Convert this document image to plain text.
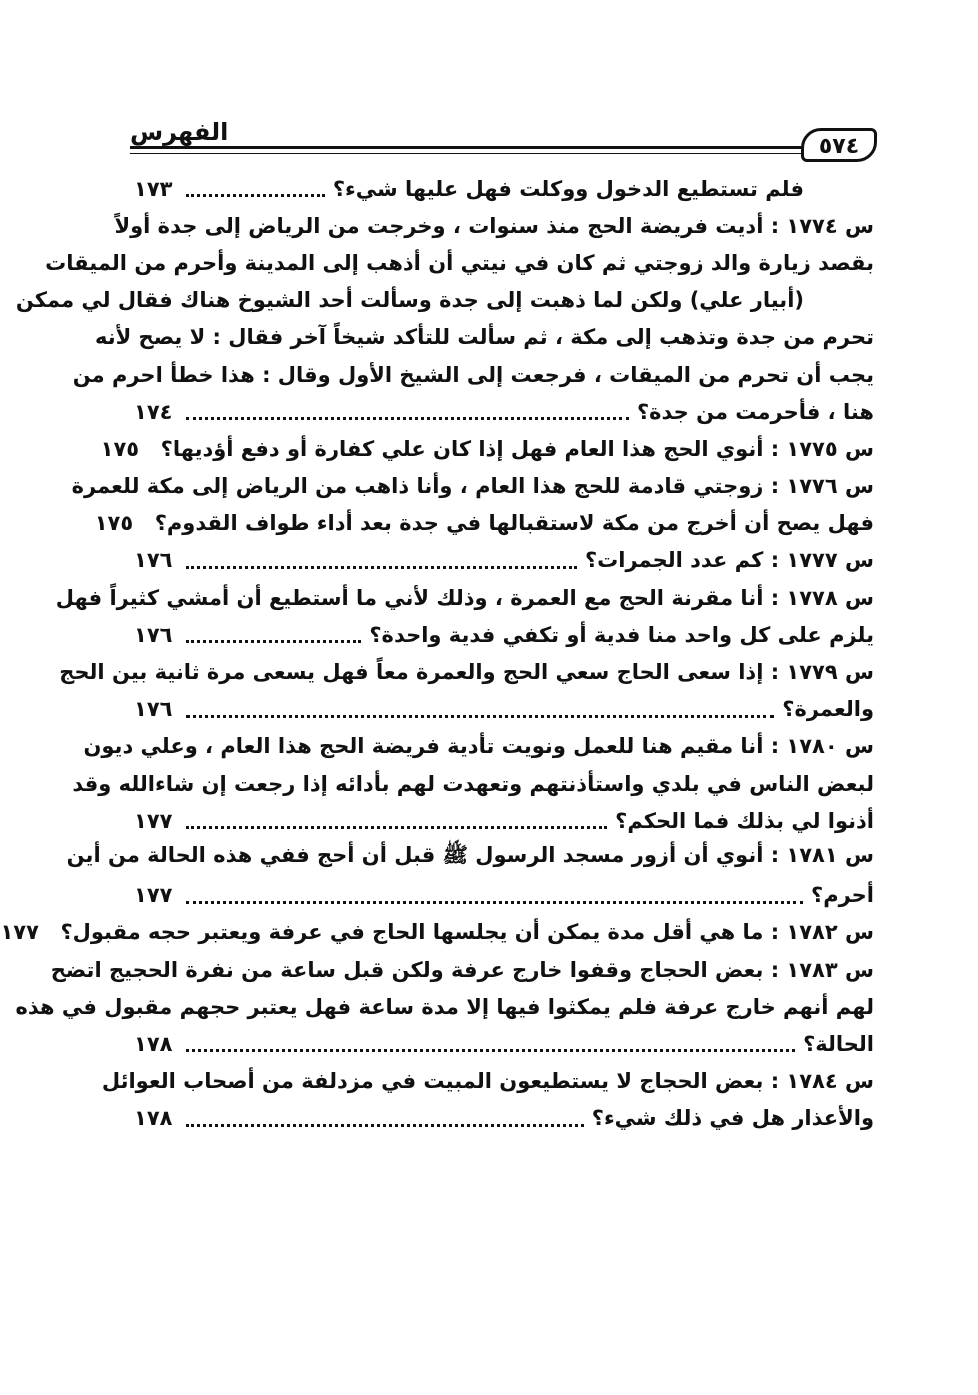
الفهرس
٥٧٤
فلم تستطيع الدخول ووكلت فهل عليها شيء؟
١٧٣
س ١٧٧٤ : أديت فريضة الحج منذ سنوات ، وخرجت من الرياض إلى جدة أولاً
بقصد زيارة والد زوجتي ثم كان في نيتي أن أذهب إلى المدينة وأحرم من الميقات
(أبيار علي) ولكن لما ذهبت إلى جدة وسألت أحد الشيوخ هناك فقال لي ممكن
تحرم من جدة وتذهب إلى مكة ، ثم سألت للتأكد شيخاً آخر فقال : لا يصح لأنه
يجب أن تحرم من الميقات ، فرجعت إلى الشيخ الأول وقال : هذا خطأ احرم من
هنا ، فأحرمت من جدة؟
١٧٤
س ١٧٧٥ : أنوي الحج هذا العام فهل إذا كان علي كفارة أو دفع أؤديها؟
١٧٥
س ١٧٧٦ : زوجتي قادمة للحج هذا العام ، وأنا ذاهب من الرياض إلى مكة للعمرة
فهل يصح أن أخرج من مكة لاستقبالها في جدة بعد أداء طواف القدوم؟
١٧٥
س ١٧٧٧ : كم عدد الجمرات؟
١٧٦
س ١٧٧٨ : أنا مقرنة الحج مع العمرة ، وذلك لأني ما أستطيع أن أمشي كثيراً فهل
يلزم على كل واحد منا فدية أو تكفي فدية واحدة؟
١٧٦
س ١٧٧٩ : إذا سعى الحاج سعي الحج والعمرة معاً فهل يسعى مرة ثانية بين الحج
والعمرة؟
١٧٦
س ١٧٨٠ : أنا مقيم هنا للعمل ونويت تأدية فريضة الحج هذا العام ، وعلي ديون
لبعض الناس في بلدي واستأذنتهم وتعهدت لهم بأدائه إذا رجعت إن شاءالله وقد
أذنوا لي بذلك فما الحكم؟
١٧٧
س ١٧٨١ : أنوي أن أزور مسجد الرسول ﷺ قبل أن أحج ففي هذه الحالة من أين
أحرم؟
١٧٧
س ١٧٨٢ : ما هي أقل مدة يمكن أن يجلسها الحاج في عرفة ويعتبر حجه مقبول؟
١٧٧
س ١٧٨٣ : بعض الحجاج وقفوا خارج عرفة ولكن قبل ساعة من نفرة الحجيج اتضح
لهم أنهم خارج عرفة فلم يمكثوا فيها إلا مدة ساعة فهل يعتبر حجهم مقبول في هذه
الحالة؟
١٧٨
س ١٧٨٤ : بعض الحجاج لا يستطيعون المبيت في مزدلفة من أصحاب العوائل
والأعذار هل في ذلك شيء؟
١٧٨
